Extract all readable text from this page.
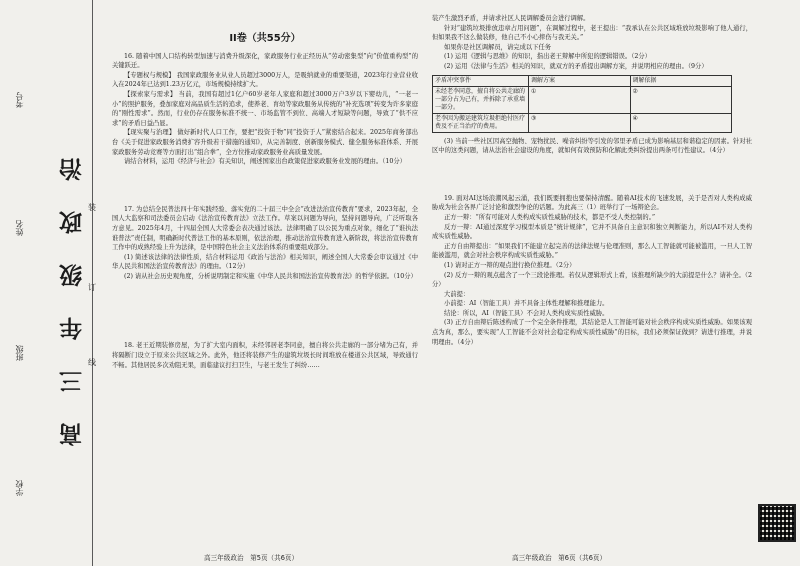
学校
班级
姓名
考号
高三年级政治 装
订
线
II卷（共55分）

16. 随着中国人口结构转型加速与消费升级深化，家政服务行业正经历从“劳动密集型”向“价值重构型”的关键跃迁。

【专题权与规模】 我国家政服务业从业人员超过3000万人，是吸纳就业的重要渠道，2023年行业营业收入在2024年已达到1.23万亿元，市场规模持续扩大。

【探索家与需求】 当前，我国有超过1亿户60岁老年人家庭和超过3000万户3岁以下婴幼儿，“一老一小”的照护服务，叠加家庭对高品质生活的追求，使养老、育幼等家政服务从传统的“补充选项”转变为许多家庭的“刚性需求”。然而，行业仍存在服务标准不统一、市场监管不到位、高端人才短缺等问题，导致了“供不应求”的矛盾日益凸显。

【现实聚与治理】 做好新时代人口工作，要把“投资于物”同“投资于人”紧密结合起来。2025年商务部出台《关于促进家政服务消费扩容升级若干措施的通知》，从完善制度、创新服务模式、健全服务标准体系、开展家政服务劳动竞赛等方面打出“组合拳”，全方位推动家政服务业高质量发展。

请结合材料，运用《经济与社会》有关知识，阐述国家出台政策促进家政服务业发展的理由。（10分）

17. 为总结全民普法四十年实践经验、落实党的二十届三中全会“改进法治宣传教育”要求，2023年起，全国人大监察和司法委员会启动《法治宣传教育法》立法工作。草案以问题为导向，坚持问题导向，广泛听取各方意见。2025年4月，十四届全国人大常委会表决通过该法。法律明确了以公民为重点对象，细化了“谁执法谁普法”责任制，明确新时代普法工作的基本原则，依法治理，推动法治宣传教育进入新阶段，将法治宣传教育工作中的成熟经验上升为法律，是中国特色社会主义法治体系的重要组成部分。

(1) 简述该法律的法律性质，结合材料运用《政治与法治》相关知识，阐述全国人大常委会审议通过《中华人民共和国法治宣传教育法》的理由。（12分）

(2) 请从社会历史观角度，分析说明制定和实施《中华人民共和国法治宣传教育法》的哲学依据。（10分）

18. 老王近期装修房屋，为了扩大室内面积，未经邻居老李同意，擅自将公共走廊的一部分堵为己有，并将隔断门设立于原来公共区域之外。此外，他还将装修产生的建筑垃圾长时间堆放在楼道公共区域，导致通行不畅。其他居民多次劝阻无果，面临建议打扫卫生，与老王发生了纠纷……

装产生激烈矛盾，并请求社区人民调解委员会进行调解。

针对“建筑垃圾排放违章占用问题”，在调解过程中，老王提出：“我承认在公共区域堆放垃圾影响了他人通行，但如果我不这么做装修，他自己不小心摔伤与我无关。”

如果你是社区调解员，请完成以下任务

(1) 运用《逻辑与思维》的知识，指出老王辩解中所犯的逻辑错误。（2分）

(2) 运用《法律与生活》相关的知识，就双方的矛盾提出调解方案，并说明相应的理由。（9分）

矛盾冲突事件	调解方案	调解依据
未经老李同意，擅自将公共走廊的一部分占为己有，并拆除了承重墙一部分。	①	②
老李因为搬运建筑垃圾拒绝付医疗费及不正当治疗的费用。	③	④

(3) 当前一些社区因高空抛物、宠物扰民、噪音纠纷等引发的邻里矛盾已成为影响基层和谐稳定的因素。针对社区中的这类问题，请从法治社会建设的角度，就如何有效预防和化解此类纠纷提出两条可行性建议。（4分）

19. 面对AI这场浪潮风起云涌，我们既要拥抱也要保持清醒。随着AI技术的飞速发展，关于是否对人类构成威胁成为社会各界广泛讨论和激烈争论的话题。为此高三（1）班举行了一场辩论会。

正方一辩：“所有可能对人类构成实质性威胁的技术，都是不受人类控制的。”

反方一辩：AI通过深度学习模型本质是“统计规律”，它并不具备自主意识和独立判断能力，所以AI不对人类构成实质性威胁。

正方自由辩提出：“如果我们不能建立起完善的法律法规与伦理准则，那么人工智能就可能被滥用，一旦人工智能被滥用，就会对社会秩序构成实质性威胁。”

(1) 请对正方一辩的观点进行换位推理。（2分）

(2) 反方一辩的观点蕴含了一个三段论推理。若仅从逻辑形式上看，该推理所缺少的大前提是什么？请补全。（2分）

大前提：

小前提：AI（智能工具）并不具备主体性理解和推理能力。

结论：所以，AI（智能工具）不会对人类构成实质性威胁。

(3) 正方自由辩后陈述构成了一个完全条件推理，其结论是人工智能可能对社会秩序构成实质性威胁。如果该观点为真，那么，要实现“人工智能不会对社会稳定构成实质性威胁”的目标，我们必须保证做到？请进行推理，并说明理由。（4分）

高三年级政治　第5页（共6页）	高三年级政治　第6页（共6页）
